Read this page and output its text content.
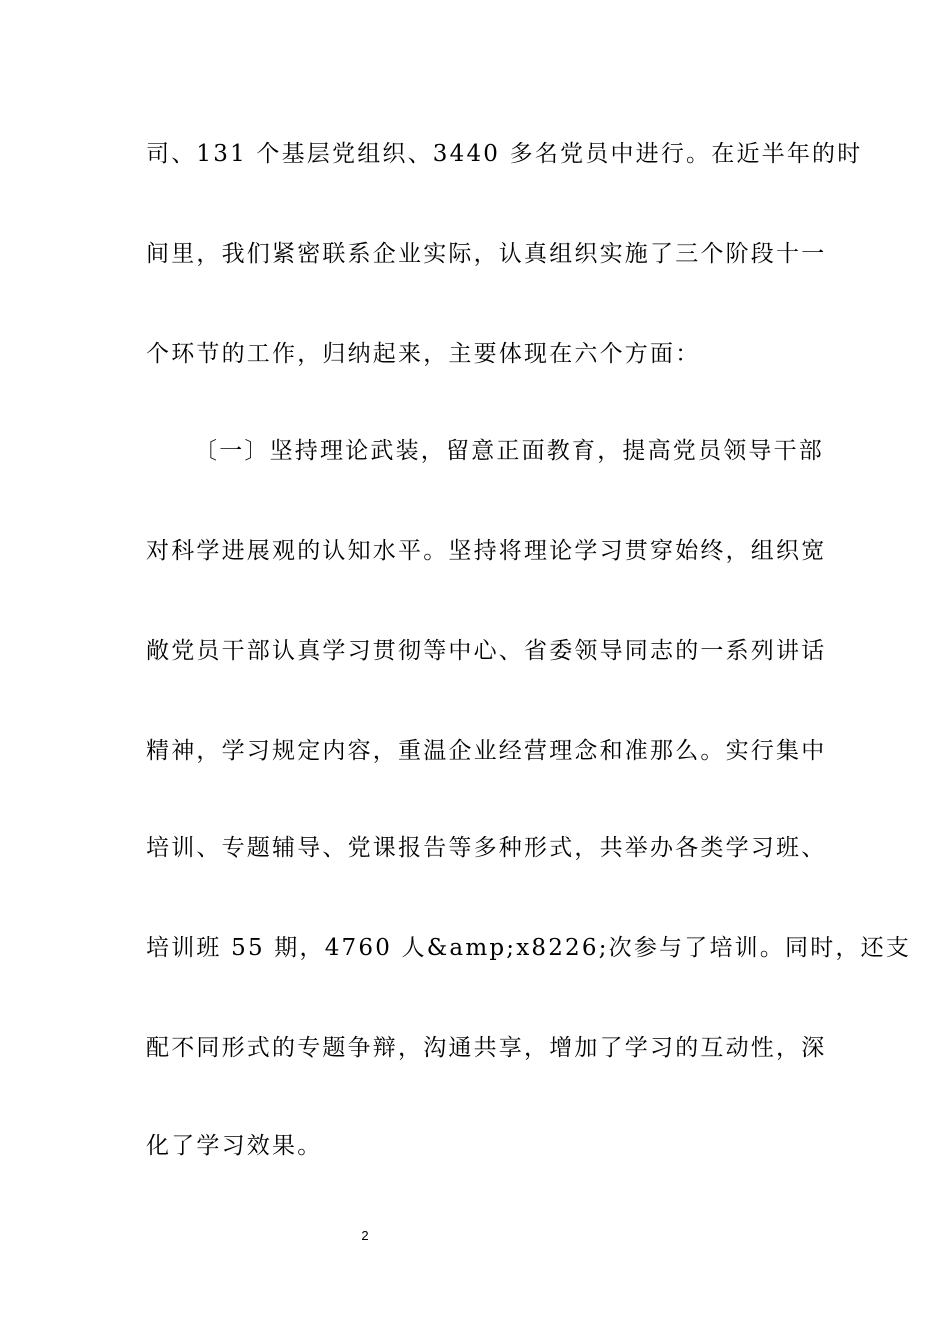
司、131 个基层党组织、3440 多名党员中进行。在近半年的时
间里，我们紧密联系企业实际，认真组织实施了三个阶段十一
个环节的工作，归纳起来，主要体现在六个方面：
〔一〕坚持理论武装，留意正面教育，提高党员领导干部
对科学进展观的认知水平。坚持将理论学习贯穿始终，组织宽
敞党员干部认真学习贯彻等中心、省委领导同志的一系列讲话
精神，学习规定内容，重温企业经营理念和准那么。实行集中
培训、专题辅导、党课报告等多种形式，共举办各类学习班、
培训班 55 期，4760 人&amp;x8226;次参与了培训。同时，还支
配不同形式的专题争辩，沟通共享，增加了学习的互动性，深
化了学习效果。
2
